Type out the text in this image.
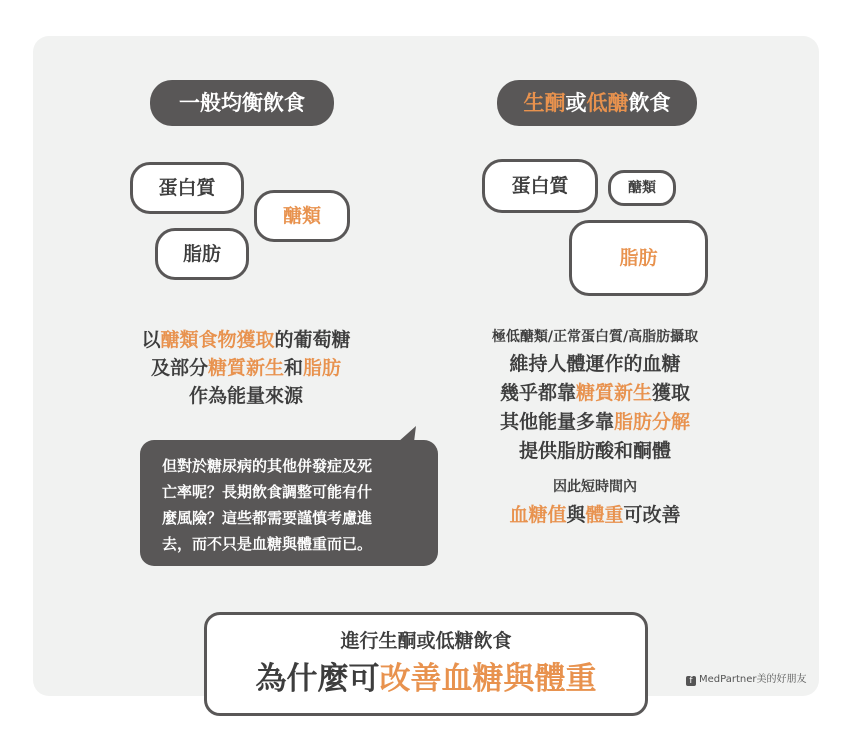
一般均衡飲食
蛋白質
醣類
脂肪
以醣類食物獲取的葡萄糖
及部分糖質新生和脂肪
作為能量來源
但對於糖尿病的其他併發症及死
亡率呢？長期飲食調整可能有什
麼風險？這些都需要謹慎考慮進
去，而不只是血糖與體重而已。
生酮或低醣飲食
蛋白質	醣類
脂肪
極低醣類/正常蛋白質/高脂肪攝取
維持人體運作的血糖
幾乎都靠糖質新生獲取
其他能量多靠脂肪分解
提供脂肪酸和酮體
因此短時間內
血糖值與體重可改善
進行生酮或低糖飲食
為什麼可改善血糖與體重	f MedPartner美的好朋友
